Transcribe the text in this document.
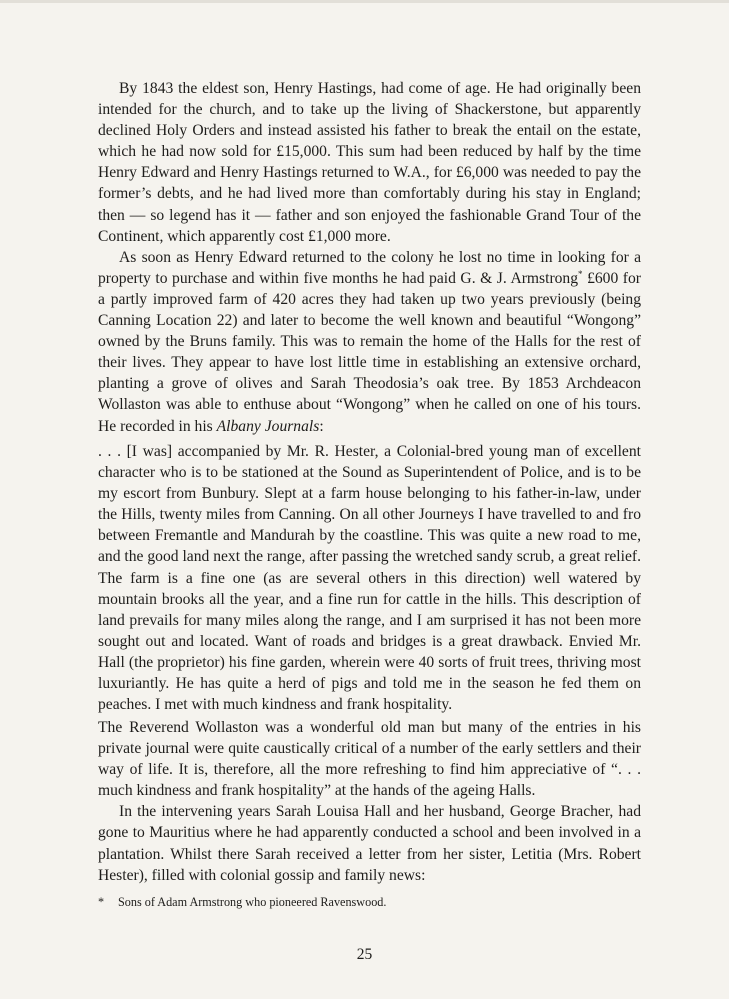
By 1843 the eldest son, Henry Hastings, had come of age. He had originally been intended for the church, and to take up the living of Shackerstone, but apparently declined Holy Orders and instead assisted his father to break the entail on the estate, which he had now sold for £15,000. This sum had been reduced by half by the time Henry Edward and Henry Hastings returned to W.A., for £6,000 was needed to pay the former’s debts, and he had lived more than comfortably during his stay in England; then — so legend has it — father and son enjoyed the fashionable Grand Tour of the Continent, which apparently cost £1,000 more.

As soon as Henry Edward returned to the colony he lost no time in looking for a property to purchase and within five months he had paid G. & J. Armstrong* £600 for a partly improved farm of 420 acres they had taken up two years previously (being Canning Location 22) and later to become the well known and beautiful “Wongong” owned by the Bruns family. This was to remain the home of the Halls for the rest of their lives. They appear to have lost little time in establishing an extensive orchard, planting a grove of olives and Sarah Theodosia’s oak tree. By 1853 Archdeacon Wollaston was able to enthuse about “Wongong” when he called on one of his tours. He recorded in his Albany Journals:

. . . [I was] accompanied by Mr. R. Hester, a Colonial-bred young man of excellent character who is to be stationed at the Sound as Superintendent of Police, and is to be my escort from Bunbury. Slept at a farm house belonging to his father-in-law, under the Hills, twenty miles from Canning. On all other Journeys I have travelled to and fro between Fremantle and Mandurah by the coastline. This was quite a new road to me, and the good land next the range, after passing the wretched sandy scrub, a great relief. The farm is a fine one (as are several others in this direction) well watered by mountain brooks all the year, and a fine run for cattle in the hills. This description of land prevails for many miles along the range, and I am surprised it has not been more sought out and located. Want of roads and bridges is a great drawback. Envied Mr. Hall (the proprietor) his fine garden, wherein were 40 sorts of fruit trees, thriving most luxuriantly. He has quite a herd of pigs and told me in the season he fed them on peaches. I met with much kindness and frank hospitality.

The Reverend Wollaston was a wonderful old man but many of the entries in his private journal were quite caustically critical of a number of the early settlers and their way of life. It is, therefore, all the more refreshing to find him appreciative of “. . . much kindness and frank hospitality” at the hands of the ageing Halls.

In the intervening years Sarah Louisa Hall and her husband, George Bracher, had gone to Mauritius where he had apparently conducted a school and been involved in a plantation. Whilst there Sarah received a letter from her sister, Letitia (Mrs. Robert Hester), filled with colonial gossip and family news:

* Sons of Adam Armstrong who pioneered Ravenswood.
25
